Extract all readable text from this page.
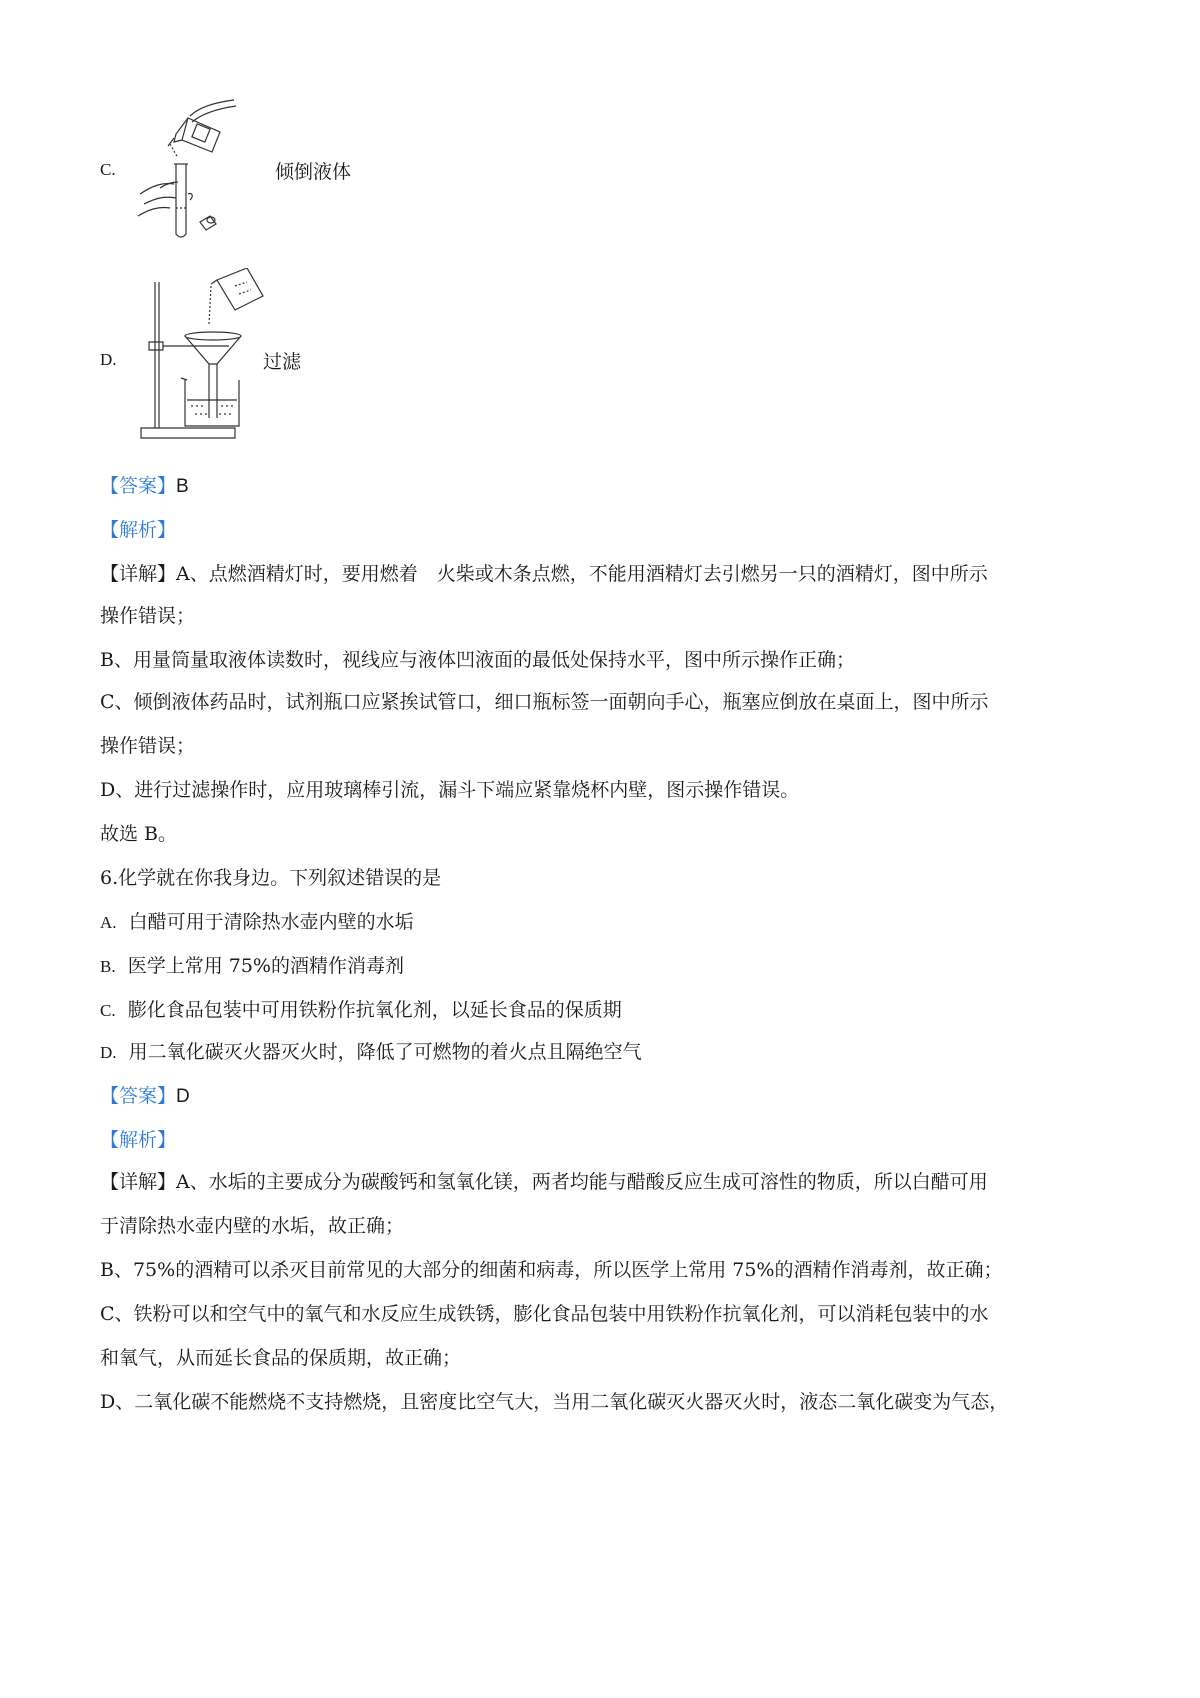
C.	倾倒液体
D.	过滤
【答案】B
【解析】
【详解】A、点燃酒精灯时，要用燃着　火柴或木条点燃，不能用酒精灯去引燃另一只的酒精灯，图中所示
操作错误；
B、用量筒量取液体读数时，视线应与液体凹液面的最低处保持水平，图中所示操作正确；
C、倾倒液体药品时，试剂瓶口应紧挨试管口，细口瓶标签一面朝向手心，瓶塞应倒放在桌面上，图中所示
操作错误；
D、进行过滤操作时，应用玻璃棒引流，漏斗下端应紧靠烧杯内壁，图示操作错误。
故选 B。
6.化学就在你我身边。下列叙述错误的是
A. 白醋可用于清除热水壶内壁的水垢
B. 医学上常用 75%的酒精作消毒剂
C. 膨化食品包装中可用铁粉作抗氧化剂，以延长食品的保质期
D. 用二氧化碳灭火器灭火时，降低了可燃物的着火点且隔绝空气
【答案】D
【解析】
【详解】A、水垢的主要成分为碳酸钙和氢氧化镁，两者均能与醋酸反应生成可溶性的物质，所以白醋可用
于清除热水壶内壁的水垢，故正确；
B、75%的酒精可以杀灭目前常见的大部分的细菌和病毒，所以医学上常用 75%的酒精作消毒剂，故正确；
C、铁粉可以和空气中的氧气和水反应生成铁锈，膨化食品包装中用铁粉作抗氧化剂，可以消耗包装中的水
和氧气，从而延长食品的保质期，故正确；
D、二氧化碳不能燃烧不支持燃烧，且密度比空气大，当用二氧化碳灭火器灭火时，液态二氧化碳变为气态，
